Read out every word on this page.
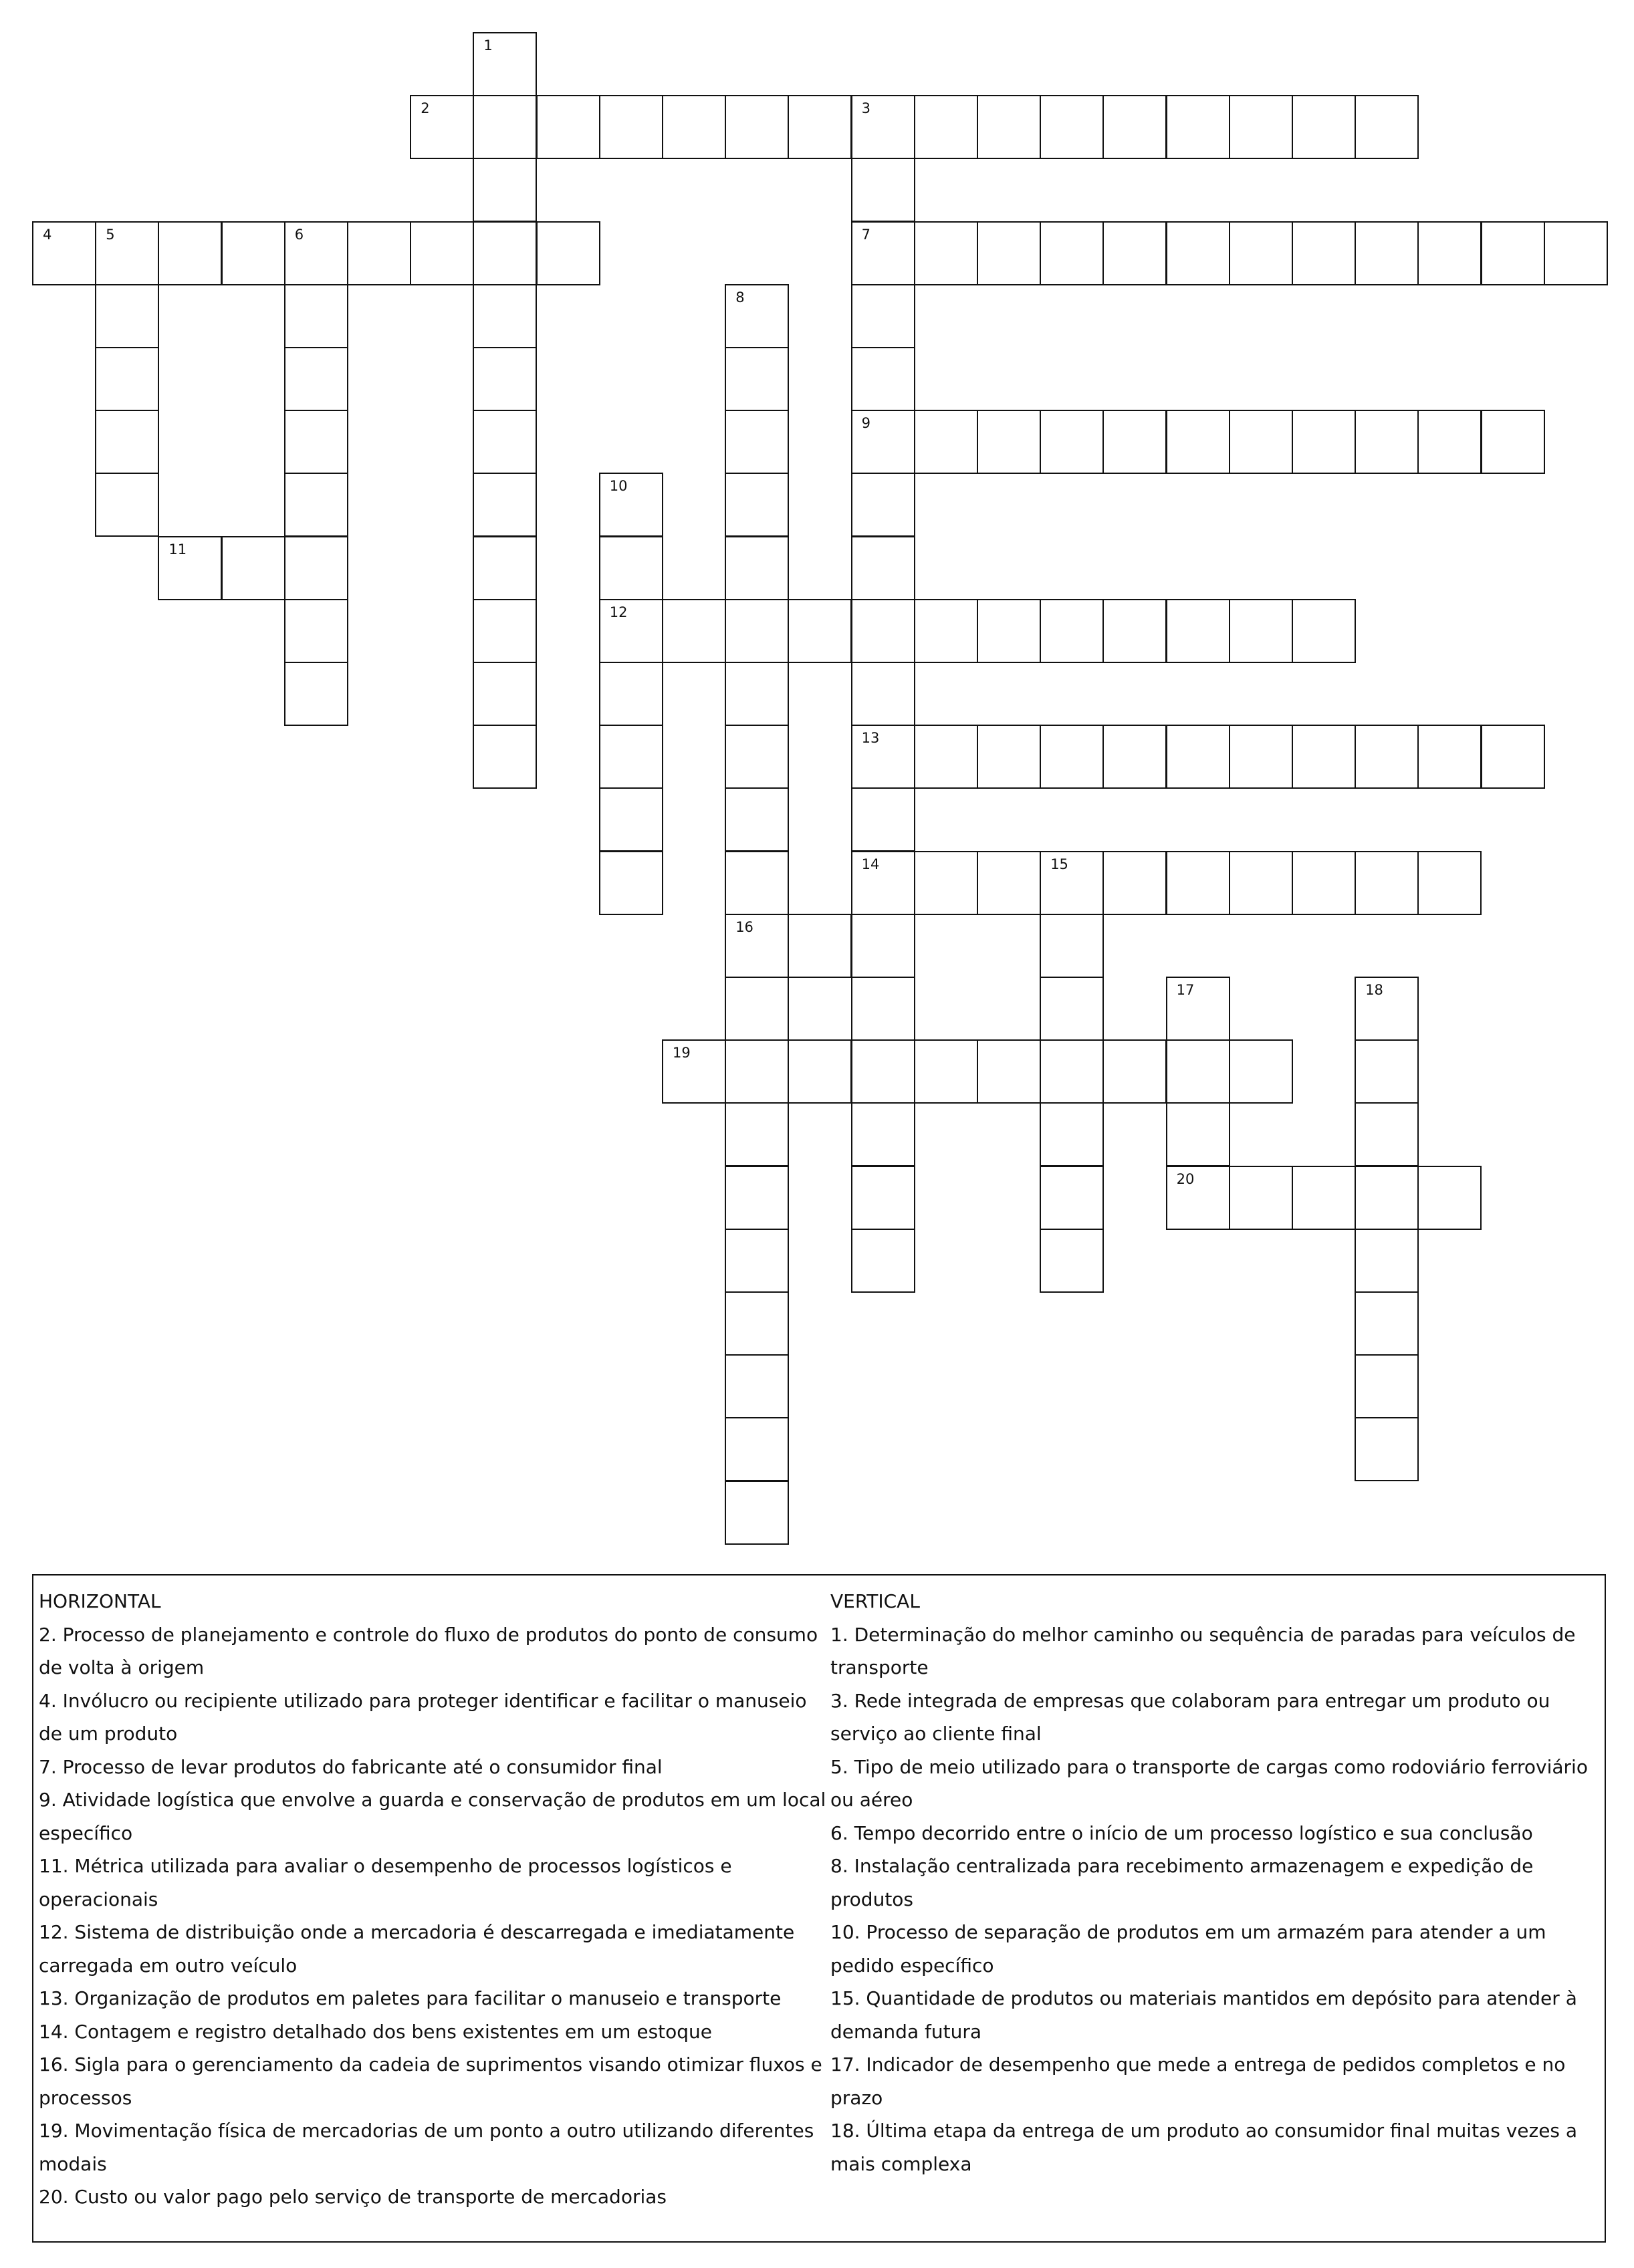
1
2	3
4	5	6	7
8
9
10
11
12
13
14	15
16
17	18
19
20
HORIZONTAL
2. Processo de planejamento e controle do fluxo de produtos do ponto de consumo de volta à origem
4. Invólucro ou recipiente utilizado para proteger identificar e facilitar o manuseio de um produto
7. Processo de levar produtos do fabricante até o consumidor final
9. Atividade logística que envolve a guarda e conservação de produtos em um local específico
11. Métrica utilizada para avaliar o desempenho de processos logísticos e operacionais
12. Sistema de distribuição onde a mercadoria é descarregada e imediatamente carregada em outro veículo
13. Organização de produtos em paletes para facilitar o manuseio e transporte
14. Contagem e registro detalhado dos bens existentes em um estoque
16. Sigla para o gerenciamento da cadeia de suprimentos visando otimizar fluxos e processos
19. Movimentação física de mercadorias de um ponto a outro utilizando diferentes modais
20. Custo ou valor pago pelo serviço de transporte de mercadorias
VERTICAL
1. Determinação do melhor caminho ou sequência de paradas para veículos de transporte
3. Rede integrada de empresas que colaboram para entregar um produto ou serviço ao cliente final
5. Tipo de meio utilizado para o transporte de cargas como rodoviário ferroviário ou aéreo
6. Tempo decorrido entre o início de um processo logístico e sua conclusão
8. Instalação centralizada para recebimento armazenagem e expedição de produtos
10. Processo de separação de produtos em um armazém para atender a um pedido específico
15. Quantidade de produtos ou materiais mantidos em depósito para atender à demanda futura
17. Indicador de desempenho que mede a entrega de pedidos completos e no prazo
18. Última etapa da entrega de um produto ao consumidor final muitas vezes a mais complexa
